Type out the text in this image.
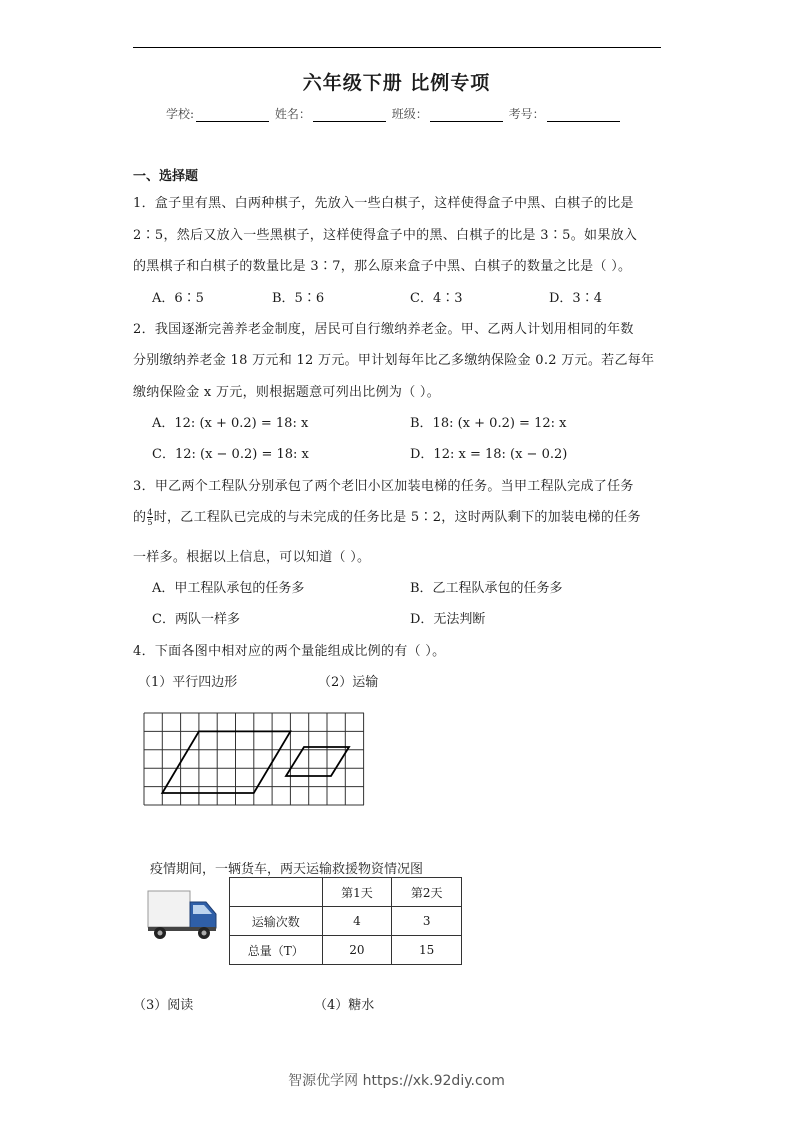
六年级下册 比例专项
学校:	姓名：	班级：	考号：
一、选择题
1．盒子里有黑、白两种棋子，先放入一些白棋子，这样使得盒子中黑、白棋子的比是
2∶5，然后又放入一些黑棋子，这样使得盒子中的黑、白棋子的比是 3∶5。如果放入
的黑棋子和白棋子的数量比是 3∶7，那么原来盒子中黑、白棋子的数量之比是（ ）。
A．6∶5	B．5∶6	C．4∶3	D．3∶4
2．我国逐渐完善养老金制度，居民可自行缴纳养老金。甲、乙两人计划用相同的年数
分别缴纳养老金 18 万元和 12 万元。甲计划每年比乙多缴纳保险金 0.2 万元。若乙每年
缴纳保险金 x 万元，则根据题意可列出比例为（ ）。
A．12: (x + 0.2) = 18: x	B．18: (x + 0.2) = 12: x
C．12: (x − 0.2) = 18: x	D．12: x = 18: (x − 0.2)
3．甲乙两个工程队分别承包了两个老旧小区加装电梯的任务。当甲工程队完成了任务
的 $\frac{4}{5}$ 时，乙工程队已完成的与未完成的任务比是 5∶2，这时两队剩下的加装电梯的任务
一样多。根据以上信息，可以知道（ ）。
A．甲工程队承包的任务多	B．乙工程队承包的任务多
C．两队一样多	D．无法判断
4．下面各图中相对应的两个量能组成比例的有（ ）。
（1）平行四边形	（2）运输
疫情期间，一辆货车，两天运输救援物资情况图
	第1天	第2天
运输次数	4	3
总量（T）	20	15
（3）阅读	（4）糖水
智源优学网 https://xk.92diy.com
